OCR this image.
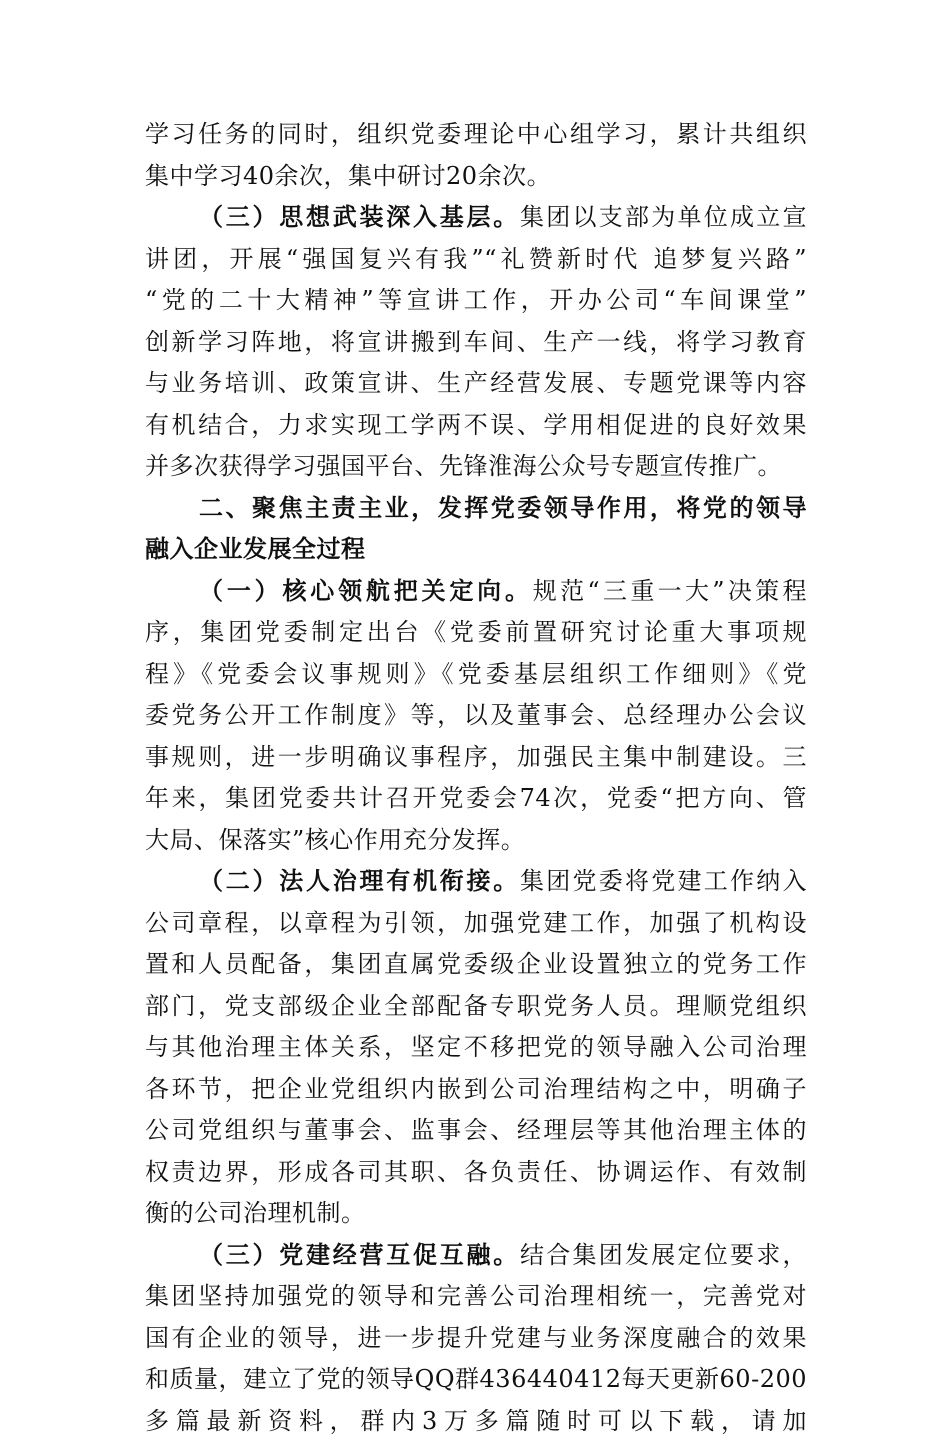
学习任务的同时，组织党委理论中心组学习，累计共组织
集中学习40余次，集中研讨20余次。
（三）思想武装深入基层。集团以支部为单位成立宣
讲团，开展“强国复兴有我”“礼赞新时代 追梦复兴路”
“党的二十大精神”等宣讲工作，开办公司“车间课堂”
创新学习阵地，将宣讲搬到车间、生产一线，将学习教育
与业务培训、政策宣讲、生产经营发展、专题党课等内容
有机结合，力求实现工学两不误、学用相促进的良好效果
并多次获得学习强国平台、先锋淮海公众号专题宣传推广。
二、聚焦主责主业，发挥党委领导作用，将党的领导
融入企业发展全过程
（一）核心领航把关定向。规范“三重一大”决策程
序，集团党委制定出台《党委前置研究讨论重大事项规
程》《党委会议事规则》《党委基层组织工作细则》《党
委党务公开工作制度》等，以及董事会、总经理办公会议
事规则，进一步明确议事程序，加强民主集中制建设。三
年来，集团党委共计召开党委会74次，党委“把方向、管
大局、保落实”核心作用充分发挥。
（二）法人治理有机衔接。集团党委将党建工作纳入
公司章程，以章程为引领，加强党建工作，加强了机构设
置和人员配备，集团直属党委级企业设置独立的党务工作
部门，党支部级企业全部配备专职党务人员。理顺党组织
与其他治理主体关系，坚定不移把党的领导融入公司治理
各环节，把企业党组织内嵌到公司治理结构之中，明确子
公司党组织与董事会、监事会、经理层等其他治理主体的
权责边界，形成各司其职、各负责任、协调运作、有效制
衡的公司治理机制。
（三）党建经营互促互融。结合集团发展定位要求，
集团坚持加强党的领导和完善公司治理相统一，完善党对
国有企业的领导，进一步提升党建与业务深度融合的效果
和质量，建立了党的领导QQ群436440412每天更新60-200
多篇最新资料，群内3万多篇随时可以下载，请加
